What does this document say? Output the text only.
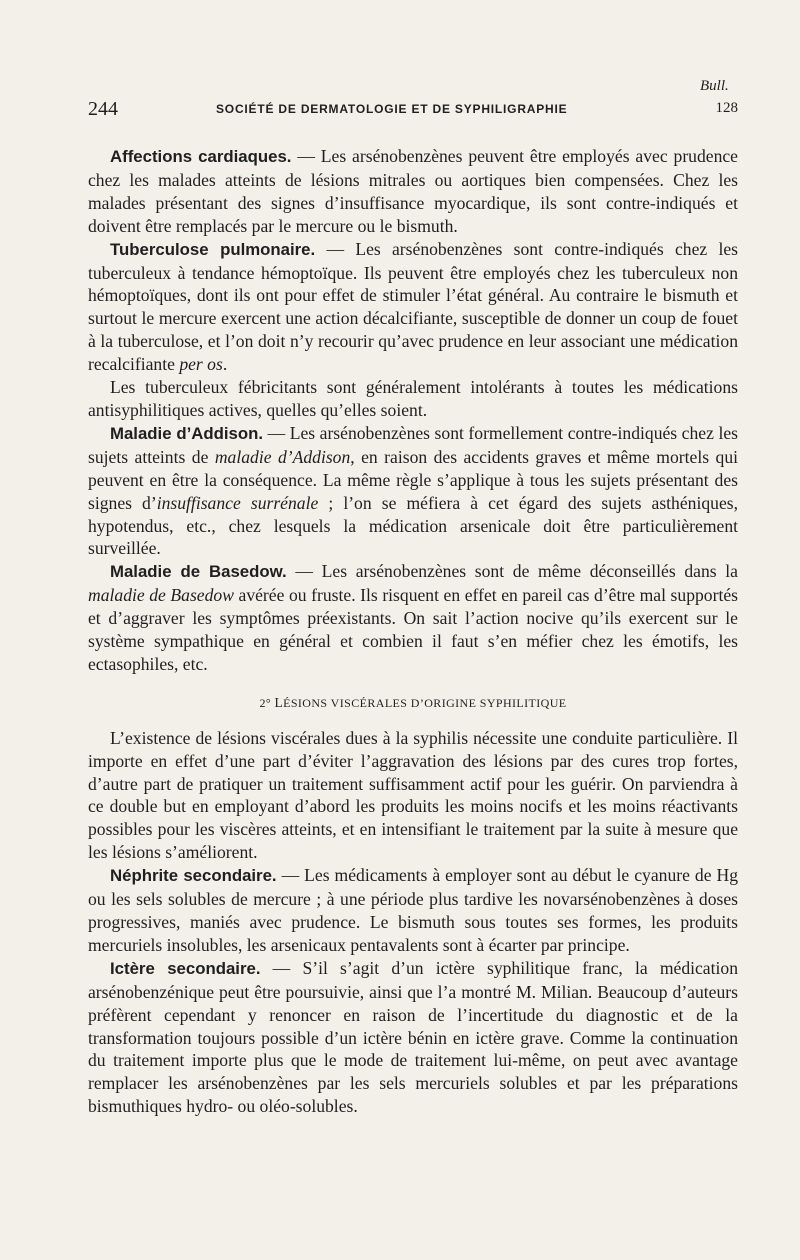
Bull.
244	SOCIÉTÉ DE DERMATOLOGIE ET DE SYPHILIGRAPHIE	128

Affections cardiaques. — Les arsénobenzènes peuvent être employés avec prudence chez les malades atteints de lésions mitrales ou aortiques bien compensées. Chez les malades présentant des signes d’insuffisance myocardique, ils sont contre-indiqués et doivent être remplacés par le mercure ou le bismuth.

Tuberculose pulmonaire. — Les arsénobenzènes sont contre-indiqués chez les tuberculeux à tendance hémoptoïque. Ils peuvent être employés chez les tuberculeux non hémoptoïques, dont ils ont pour effet de stimuler l’état général. Au contraire le bismuth et surtout le mercure exercent une action décalcifiante, susceptible de donner un coup de fouet à la tuberculose, et l’on doit n’y recourir qu’avec prudence en leur associant une médication recalcifiante per os.

Les tuberculeux fébricitants sont généralement intolérants à toutes les médications antisyphilitiques actives, quelles qu’elles soient.

Maladie d’Addison. — Les arsénobenzènes sont formellement contre-indiqués chez les sujets atteints de maladie d’Addison, en raison des accidents graves et même mortels qui peuvent en être la conséquence. La même règle s’applique à tous les sujets présentant des signes d’insuffisance surrénale ; l’on se méfiera à cet égard des sujets asthéniques, hypotendus, etc., chez lesquels la médication arsenicale doit être particulièrement surveillée.

Maladie de Basedow. — Les arsénobenzènes sont de même déconseillés dans la maladie de Basedow avérée ou fruste. Ils risquent en effet en pareil cas d’être mal supportés et d’aggraver les symptômes préexistants. On sait l’action nocive qu’ils exercent sur le système sympathique en général et combien il faut s’en méfier chez les émotifs, les ectasophiles, etc.

2° LÉSIONS VISCÉRALES D’ORIGINE SYPHILITIQUE

L’existence de lésions viscérales dues à la syphilis nécessite une conduite particulière. Il importe en effet d’une part d’éviter l’aggravation des lésions par des cures trop fortes, d’autre part de pratiquer un traitement suffisamment actif pour les guérir. On parviendra à ce double but en employant d’abord les produits les moins nocifs et les moins réactivants possibles pour les viscères atteints, et en intensifiant le traitement par la suite à mesure que les lésions s’améliorent.

Néphrite secondaire. — Les médicaments à employer sont au début le cyanure de Hg ou les sels solubles de mercure ; à une période plus tardive les novarsénobenzènes à doses progressives, maniés avec prudence. Le bismuth sous toutes ses formes, les produits mercuriels insolubles, les arsenicaux pentavalents sont à écarter par principe.

Ictère secondaire. — S’il s’agit d’un ictère syphilitique franc, la médication arsénobenzénique peut être poursuivie, ainsi que l’a montré M. Milian. Beaucoup d’auteurs préfèrent cependant y renoncer en raison de l’incertitude du diagnostic et de la transformation toujours possible d’un ictère bénin en ictère grave. Comme la continuation du traitement importe plus que le mode de traitement lui-même, on peut avec avantage remplacer les arsénobenzènes par les sels mercuriels solubles et par les préparations bismuthiques hydro- ou oléo-solubles.
